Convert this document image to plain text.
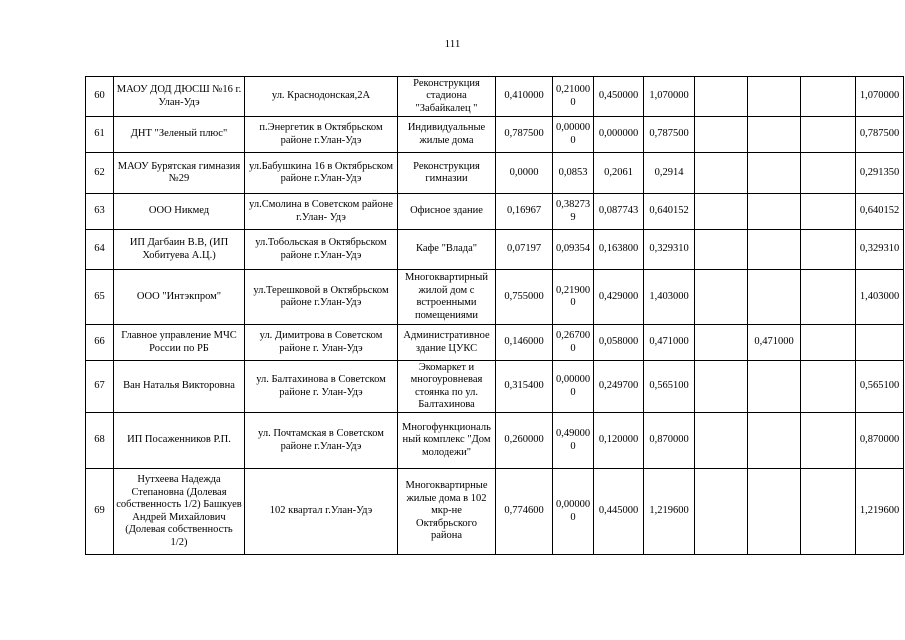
111
60	МАОУ ДОД ДЮСШ №16 г. Улан-Удэ	ул. Краснодонская,2А	Реконструкция стадиона "Забайкалец "	0,410000	0,210000	0,450000	1,070000				1,070000
61	ДНТ "Зеленый плюс"	п.Энергетик в Октябрьском районе г.Улан-Удэ	Индивидуальные жилые дома	0,787500	0,000000	0,000000	0,787500				0,787500
62	МАОУ Бурятская гимназия №29	ул.Бабушкина 16 в Октябрьском районе г.Улан-Удэ	Реконструкция гимназии	0,0000	0,0853	0,2061	0,2914				0,291350
63	ООО Никмед	ул.Смолина в Советском районе г.Улан- Удэ	Офисное здание	0,16967	0,382739	0,087743	0,640152				0,640152
64	ИП Дагбаин В.В, (ИП Хобитуева А.Ц.)	ул.Тобольская в Октябрьском районе г.Улан-Удэ	Кафе "Влада"	0,07197	0,09354	0,163800	0,329310				0,329310
65	ООО "Интэкпром"	ул.Терешковой в Октябрьском районе г.Улан-Удэ	Многоквартирный жилой дом с встроенными помещениями	0,755000	0,219000	0,429000	1,403000				1,403000
66	Главное управление МЧС России по РБ	ул. Димитрова в Советском районе г. Улан-Удэ	Административное здание ЦУКС	0,146000	0,267000	0,058000	0,471000		0,471000		
67	Ван Наталья Викторовна	ул. Балтахинова в Советском районе г. Улан-Удэ	Экомаркет и многоуровневая стоянка по ул. Балтахинова	0,315400	0,000000	0,249700	0,565100				0,565100
68	ИП Посаженников Р.П.	ул. Почтамская в Советском районе г.Улан-Удэ	Многофункциональный комплекс "Дом молодежи"	0,260000	0,490000	0,120000	0,870000				0,870000
69	Нутхеева Надежда Степановна (Долевая собственность 1/2) Башкуев Андрей Михайлович (Долевая собственность 1/2)	102 квартал г.Улан-Удэ	Многоквартирные жилые дома в 102 мкр-не Октябрьского района	0,774600	0,000000	0,445000	1,219600				1,219600
